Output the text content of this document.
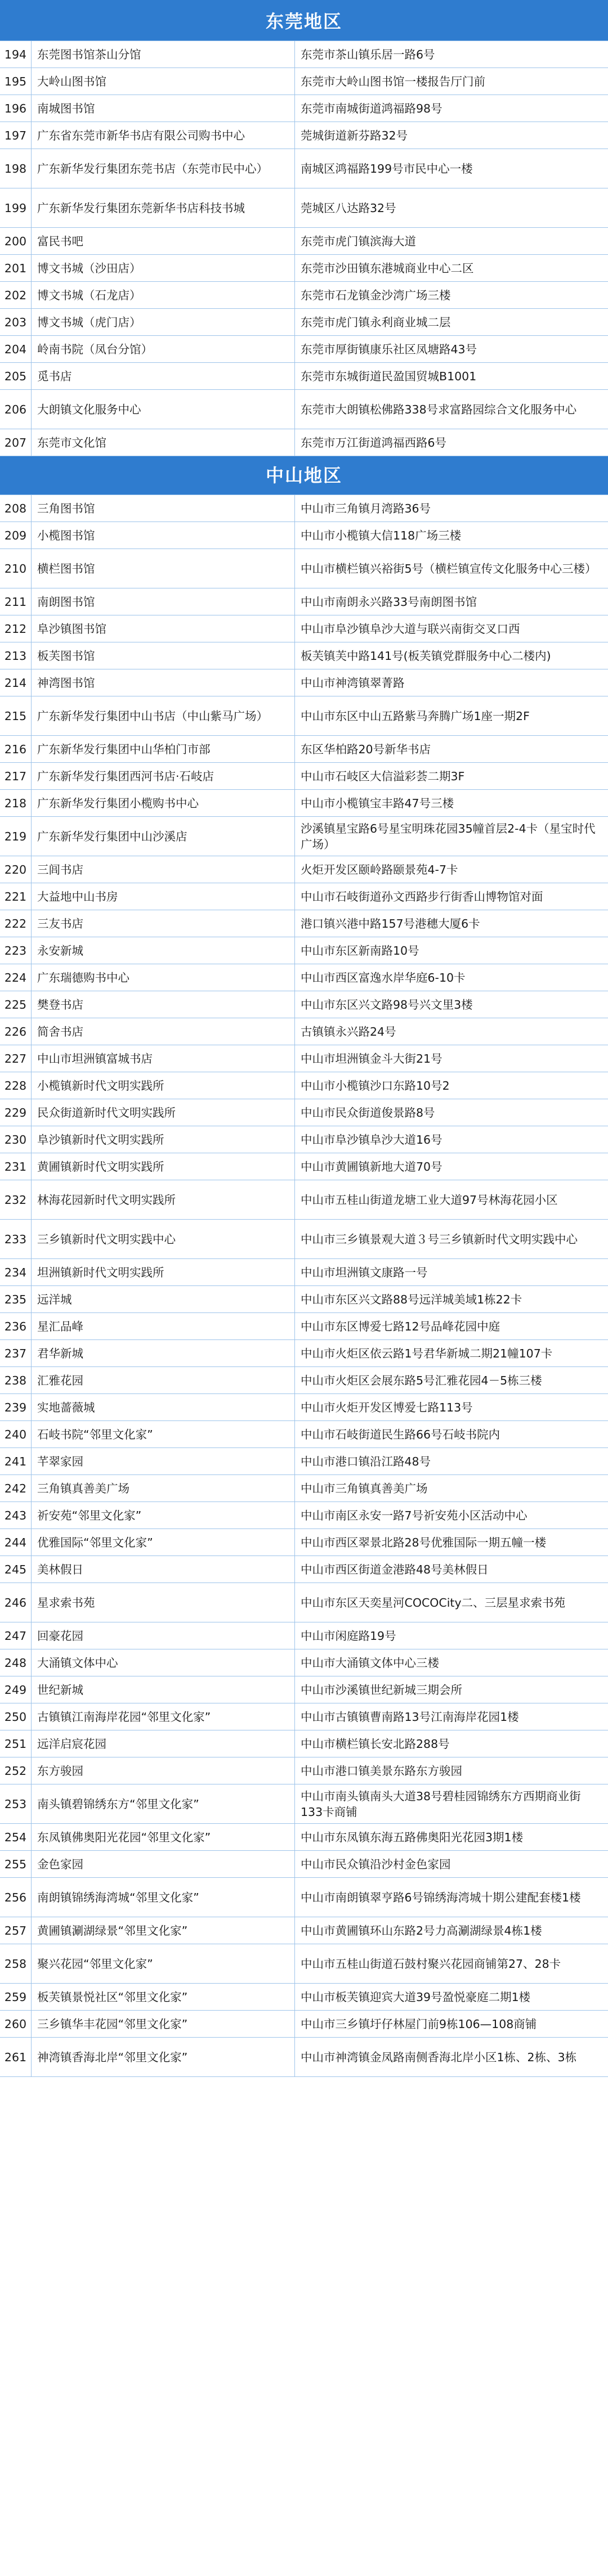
东莞地区
194 东莞图书馆茶山分馆	东莞市茶山镇乐居一路6号
195 大岭山图书馆	东莞市大岭山图书馆一楼报告厅门前
196 南城图书馆	东莞市南城街道鸿福路98号
197 广东省东莞市新华书店有限公司购书中心	莞城街道新芬路32号
198 广东新华发行集团东莞书店（东莞市民中心）	南城区鸿福路199号市民中心一楼
199 广东新华发行集团东莞新华书店科技书城	莞城区八达路32号
200 富民书吧	东莞市虎门镇滨海大道
201 博文书城（沙田店）	东莞市沙田镇东港城商业中心二区
202 博文书城（石龙店）	东莞市石龙镇金沙湾广场三楼
203 博文书城（虎门店）	东莞市虎门镇永利商业城二层
204 岭南书院（凤台分馆）	东莞市厚街镇康乐社区凤塘路43号
205 觅书店	东莞市东城街道民盈国贸城B1001
206 大朗镇文化服务中心	东莞市大朗镇松佛路338号求富路园综合文化服务中心
207 东莞市文化馆	东莞市万江街道鸿福西路6号
中山地区
208 三角图书馆	中山市三角镇月湾路36号
209 小榄图书馆	中山市小榄镇大信118广场三楼
210 横栏图书馆	中山市横栏镇兴裕街5号（横栏镇宣传文化服务中心三楼）
211 南朗图书馆	中山市南朗永兴路33号南朗图书馆
212 阜沙镇图书馆	中山市阜沙镇阜沙大道与联兴南街交叉口西
213 板芙图书馆	板芙镇芙中路141号(板芙镇党群服务中心二楼内)
214 神湾图书馆	中山市神湾镇翠菁路
215 广东新华发行集团中山书店（中山紫马广场）	中山市东区中山五路紫马奔腾广场1座一期2F
216 广东新华发行集团中山华柏门市部	东区华柏路20号新华书店
217 广东新华发行集团西河书店·石岐店	中山市石岐区大信溢彩荟二期3F
218 广东新华发行集团小榄购书中心	中山市小榄镇宝丰路47号三楼
219 广东新华发行集团中山沙溪店
沙溪镇星宝路6号星宝明珠花园35幢首层2-4卡（星宝时代广场）
220 三闾书店	火炬开发区颐岭路颐景苑4-7卡
221 大益地中山书房	中山市石岐街道孙文西路步行街香山博物馆对面
222 三友书店	港口镇兴港中路157号港穗大厦6卡
223 永安新城	中山市东区新南路10号
224 广东瑞德购书中心	中山市西区富逸水岸华庭6-10卡
225 樊登书店	中山市东区兴文路98号兴文里3楼
226 简舍书店	古镇镇永兴路24号
227 中山市坦洲镇富城书店	中山市坦洲镇金斗大街21号
228 小榄镇新时代文明实践所	中山市小榄镇沙口东路10号2
229 民众街道新时代文明实践所	中山市民众街道俊景路8号
230 阜沙镇新时代文明实践所	中山市阜沙镇阜沙大道16号
231 黄圃镇新时代文明实践所	中山市黄圃镇新地大道70号
232 林海花园新时代文明实践所	中山市五桂山街道龙塘工业大道97号林海花园小区
233 三乡镇新时代文明实践中心	中山市三乡镇景观大道３号三乡镇新时代文明实践中心
234 坦洲镇新时代文明实践所	中山市坦洲镇文康路一号
235 远洋城	中山市东区兴文路88号远洋城美域1栋22卡
236 星汇品峰	中山市东区博爱七路12号品峰花园中庭
237 君华新城	中山市火炬区依云路1号君华新城二期21幢107卡
238 汇雅花园	中山市火炬区会展东路5号汇雅花园4－5栋三楼
239 实地蔷薇城	中山市火炬开发区博爱七路113号
240 石岐书院“邻里文化家”	中山市石岐街道民生路66号石岐书院内
241 芊翠家园	中山市港口镇沿江路48号
242 三角镇真善美广场	中山市三角镇真善美广场
243 祈安苑“邻里文化家”	中山市南区永安一路7号祈安苑小区活动中心
244 优雅国际“邻里文化家”	中山市西区翠景北路28号优雅国际一期五幢一楼
245 美林假日	中山市西区街道金港路48号美林假日
246 星求索书苑	中山市东区天奕星河COCOCity二、三层星求索书苑
247 回豪花园	中山市闲庭路19号
248 大涌镇文体中心	中山市大涌镇文体中心三楼
249 世纪新城	中山市沙溪镇世纪新城三期会所
250 古镇镇江南海岸花园“邻里文化家”	中山市古镇镇曹南路13号江南海岸花园1楼
251 远洋启宸花园	中山市横栏镇长安北路288号
252 东方骏园	中山市港口镇美景东路东方骏园
253 南头镇碧锦绣东方“邻里文化家”
中山市南头镇南头大道38号碧桂园锦绣东方西期商业街133卡商铺
254 东凤镇佛奥阳光花园“邻里文化家”	中山市东凤镇东海五路佛奥阳光花园3期1楼
255 金色家园	中山市民众镇沿沙村金色家园
256 南朗镇锦绣海湾城“邻里文化家”	中山市南朗镇翠亨路6号锦绣海湾城十期公建配套楼1楼
257 黄圃镇涮湖绿景“邻里文化家”	中山市黄圃镇环山东路2号力高涮湖绿景4栋1楼
258 聚兴花园“邻里文化家”	中山市五桂山街道石鼓村聚兴花园商铺第27、28卡
259 板芙镇景悦社区“邻里文化家”	中山市板芙镇迎宾大道39号盈悦豪庭二期1楼
260 三乡镇华丰花园“邻里文化家”	中山市三乡镇圩仔林屋门前9栋106—108商铺
261 神湾镇香海北岸“邻里文化家”	中山市神湾镇金凤路南侧香海北岸小区1栋、2栋、3栋
